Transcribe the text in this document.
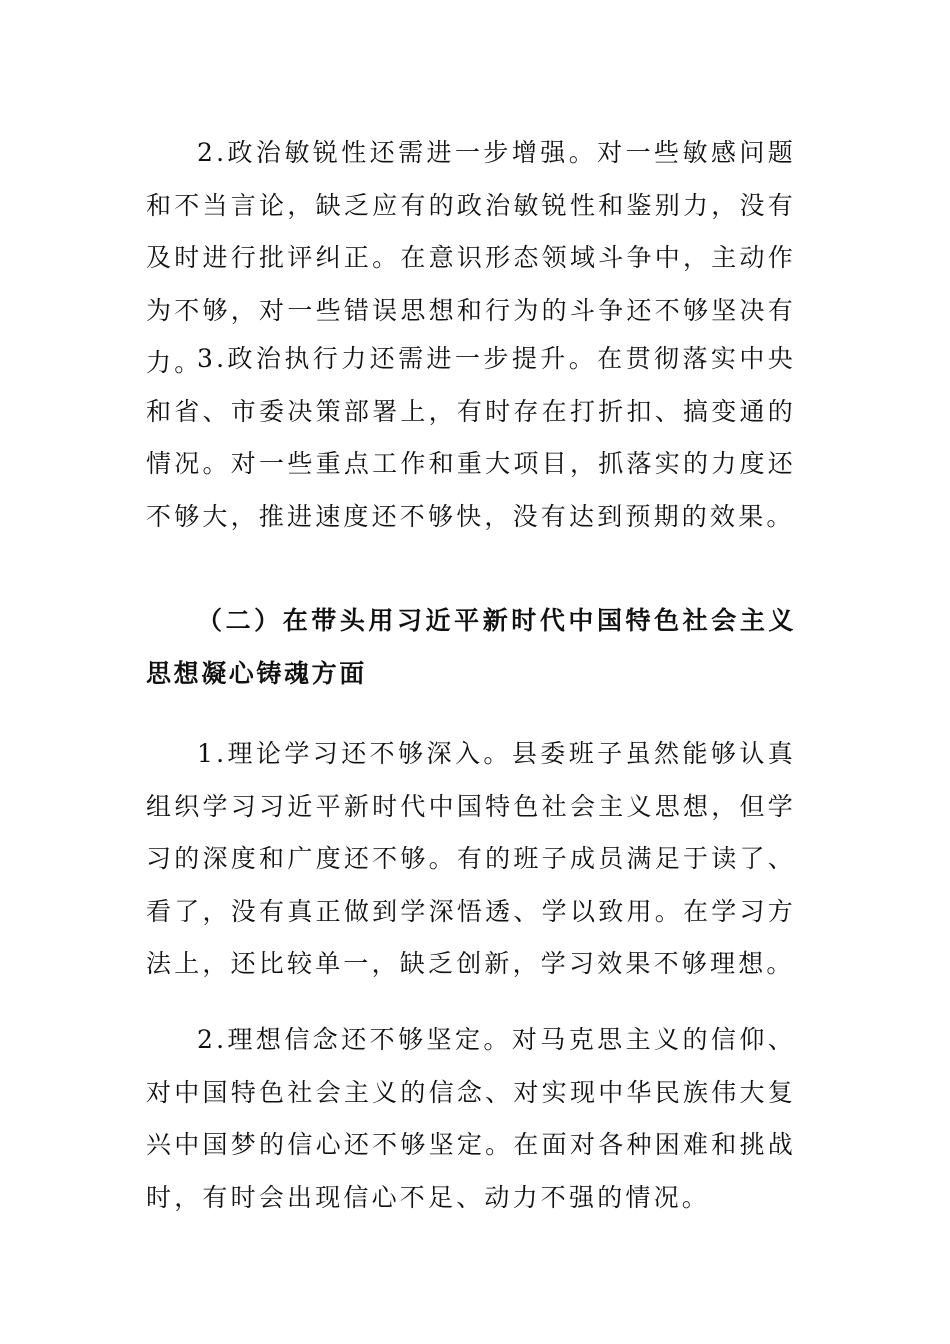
2.政治敏锐性还需进一步增强。对一些敏感问题和不当言论，缺乏应有的政治敏锐性和鉴别力，没有及时进行批评纠正。在意识形态领域斗争中，主动作为不够，对一些错误思想和行为的斗争还不够坚决有力。

3.政治执行力还需进一步提升。在贯彻落实中央和省、市委决策部署上，有时存在打折扣、搞变通的情况。对一些重点工作和重大项目，抓落实的力度还不够大，推进速度还不够快，没有达到预期的效果。

（二）在带头用习近平新时代中国特色社会主义思想凝心铸魂方面

1.理论学习还不够深入。县委班子虽然能够认真组织学习习近平新时代中国特色社会主义思想，但学习的深度和广度还不够。有的班子成员满足于读了、看了，没有真正做到学深悟透、学以致用。在学习方法上，还比较单一，缺乏创新，学习效果不够理想。

2.理想信念还不够坚定。对马克思主义的信仰、对中国特色社会主义的信念、对实现中华民族伟大复兴中国梦的信心还不够坚定。在面对各种困难和挑战时，有时会出现信心不足、动力不强的情况。
